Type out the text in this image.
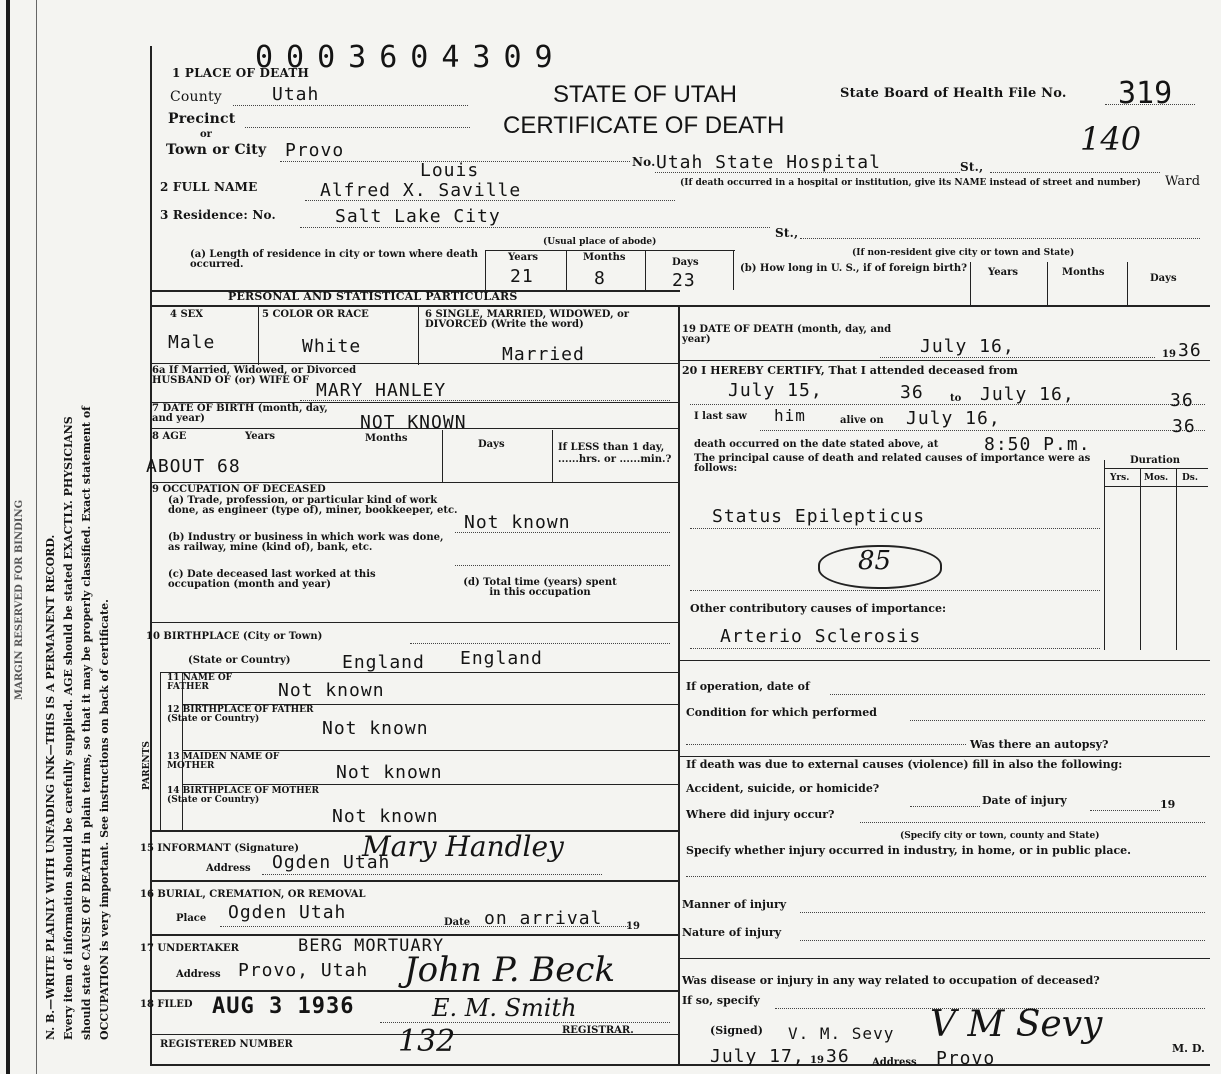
N. B.—WRITE PLAINLY WITH UNFADING INK—THIS IS A PERMANENT RECORD. Every item of information should be carefully supplied. AGE should be stated EXACTLY. PHYSICIANS should state CAUSE OF DEATH in plain terms, so that it may be properly classified. Exact statement of OCCUPATION is very important. See instructions on back of certificate.
MARGIN RESERVED FOR BINDING
0003604309
1 PLACE OF DEATH
STATE OF UTAH
CERTIFICATE OF DEATH
State Board of Health File No. 319
140
County	Utah
Precinct
or
Town or City Provo
No. Utah State Hospital	St.,
Ward
(If death occurred in a hospital or institution, give its NAME instead of street and number)
Louis
2 FULL NAME	Alfred X. Saville
3 Residence: No.	Salt Lake City
St.,
(Usual place of abode)
(If non-resident give city or town and State)
(a) Length of residence in city or town where death occurred.
Years	Months	Days
21	8	23
(b) How long in U. S., if of foreign birth?	Years	Months
Days
PERSONAL AND STATISTICAL PARTICULARS
4 SEX	5 COLOR OR RACE	6 SINGLE, MARRIED, WIDOWED, or DIVORCED (Write the word)
Male	White	Married
6a If Married, Widowed, or Divorced HUSBAND OF (or) WIFE OF MARY HANLEY
7 DATE OF BIRTH (month, day, and year)	NOT KNOWN
8 AGE	Years	Months
Days	If LESS than 1 day, ......hrs. or ......min.?
ABOUT 68
9 OCCUPATION OF DECEASED
(a) Trade, profession, or particular kind of work done, as engineer (type of), miner, bookkeeper, etc.
Not known
(b) Industry or business in which work was done, as railway, mine (kind of), bank, etc.
(c) Date deceased last worked at this occupation (month and year)	(d) Total time (years) spent in this occupation
10 BIRTHPLACE (City or Town)
(State or Country)	England England
PARENTS
11 NAME OF FATHER	Not known
12 BIRTHPLACE OF FATHER (State or Country)	Not known
13 MAIDEN NAME OF MOTHER	Not known
14 BIRTHPLACE OF MOTHER (State or Country)
Not known
15 INFORMANT (Signature) Mary Handley
Address Ogden Utah
16 BURIAL, CREMATION, OR REMOVAL
Place Ogden Utah	Date on arrival 19
17 UNDERTAKER	BERG MORTUARY
Address Provo, Utah John P. Beck
18 FILED AUG 3 1936	E. M. Smith
REGISTRAR.
REGISTERED NUMBER	132
19 DATE OF DEATH (month, day, and year)	July 16,	19 36
20 I HEREBY CERTIFY, That I attended deceased from
July 15,	36	to July 16,	36
I last saw him	alive on July 16,	36
death occurred on the date stated above, at	8:50 P.m.
The principal cause of death and related causes of importance were as follows:
Duration
Yrs. Mos. Ds.
Status Epilepticus
85
Other contributory causes of importance:
Arterio Sclerosis
If operation, date of
Condition for which performed
Was there an autopsy?
If death was due to external causes (violence) fill in also the following:
Accident, suicide, or homicide?
Date of injury	19
Where did injury occur?
(Specify city or town, county and State)
Specify whether injury occurred in industry, in home, or in public place.
Manner of injury
Nature of injury
Was disease or injury in any way related to occupation of deceased?
If so, specify
(Signed) V. M. Sevy V M Sevy
M. D.
July 17, 19 36 Address Provo
